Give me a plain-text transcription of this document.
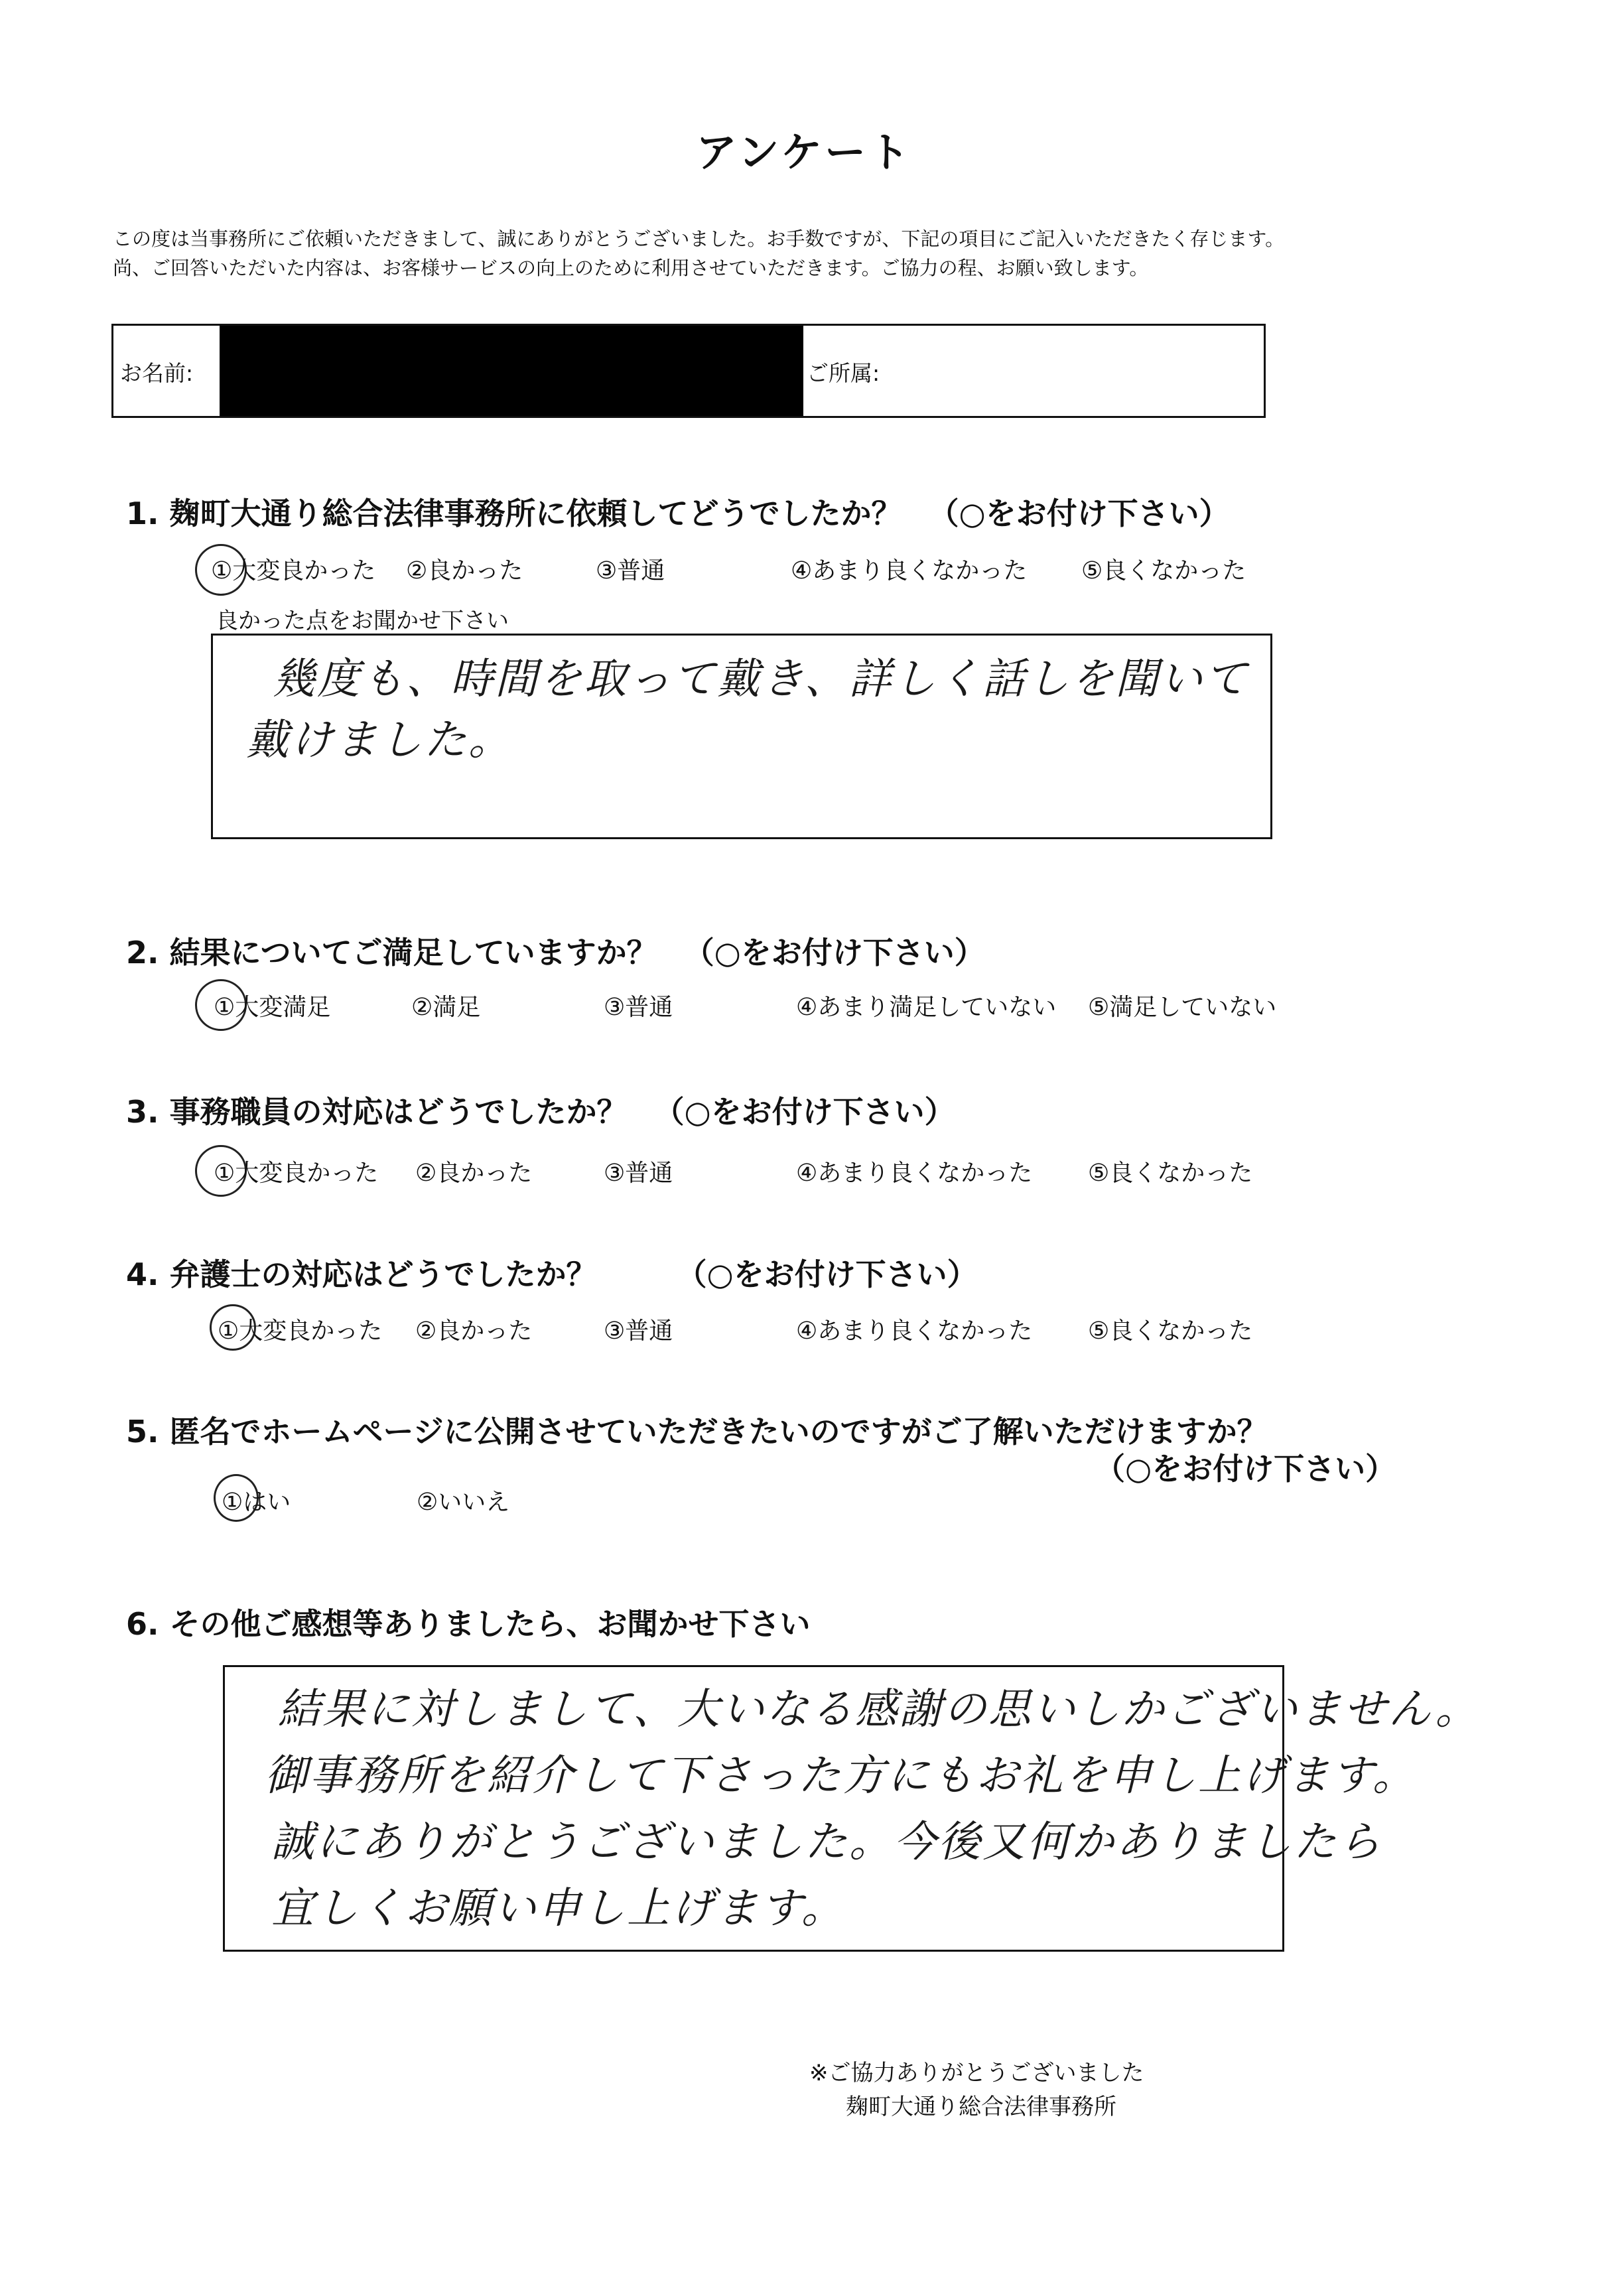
アンケート
この度は当事務所にご依頼いただきまして、誠にありがとうございました。お手数ですが、下記の項目にご記入いただきたく存じます。
尚、ご回答いただいた内容は、お客様サービスの向上のために利用させていただきます。ご協力の程、お願い致します。
お名前:	ご所属:
1. 麹町大通り総合法律事務所に依頼してどうでしたか？ （○をお付け下さい）
①大変良かった ②良かった	③普通	④あまり良くなかった ⑤良くなかった
良かった点をお聞かせ下さい
幾度も、時間を取って戴き、詳しく話しを聞いて
戴けました。
2. 結果についてご満足していますか？ （○をお付け下さい）
①大変満足	②満足	③普通	④あまり満足していない ⑤満足していない
3. 事務職員の対応はどうでしたか？ （○をお付け下さい）
①大変良かった ②良かった	③普通	④あまり良くなかった ⑤良くなかった
4. 弁護士の対応はどうでしたか？	（○をお付け下さい）
①大変良かった ②良かった	③普通	④あまり良くなかった ⑤良くなかった
5. 匿名でホームページに公開させていただきたいのですがご了解いただけますか？
（○をお付け下さい）
①はい	②いいえ
6. その他ご感想等ありましたら、お聞かせ下さい
結果に対しまして、大いなる感謝の思いしかございません。
御事務所を紹介して下さった方にもお礼を申し上げます。
誠にありがとうございました。今後又何かありましたら
宜しくお願い申し上げます。
※ご協力ありがとうございました
麹町大通り総合法律事務所
